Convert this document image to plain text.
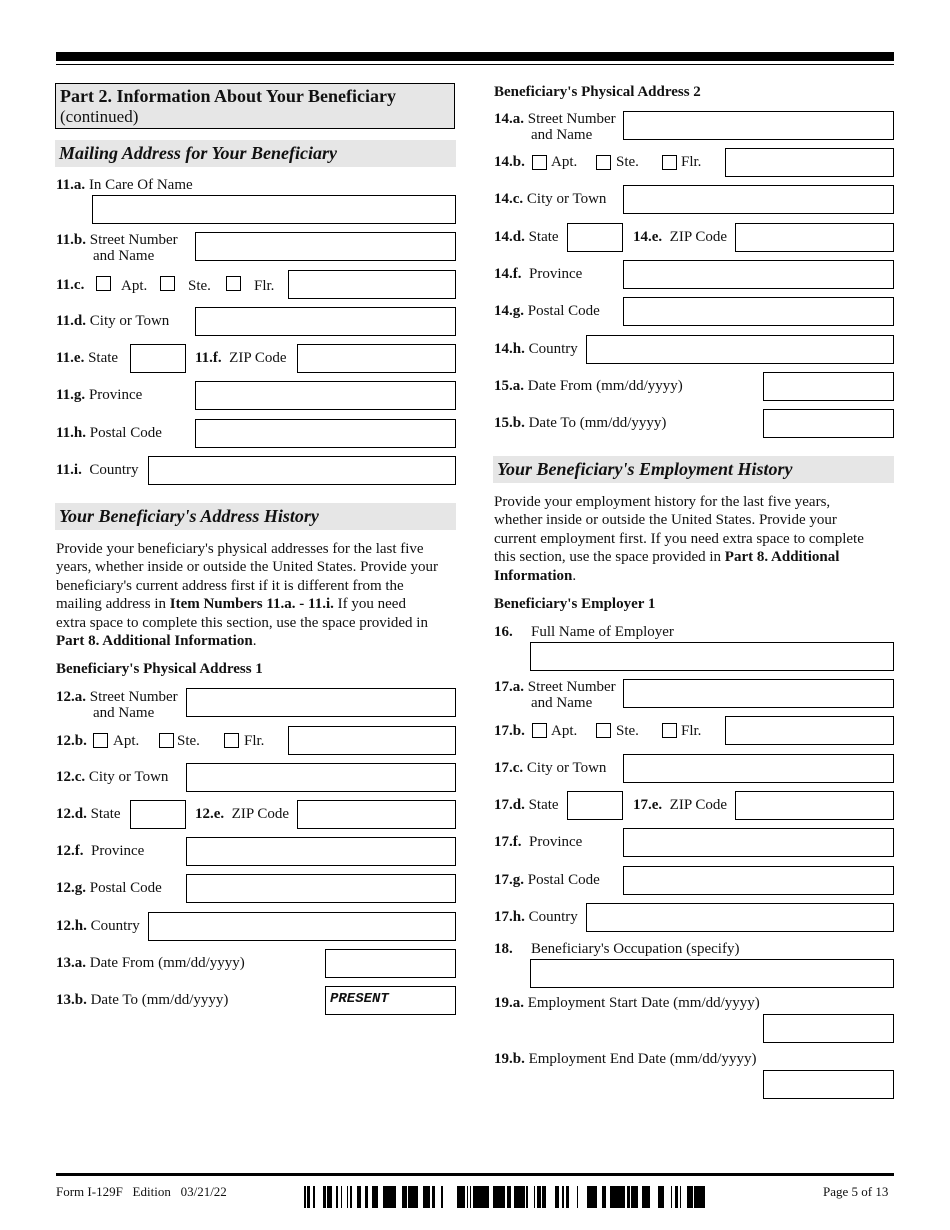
Part 2. Information About Your Beneficiary
(continued)
Mailing Address for Your Beneficiary
11.a. In Care Of Name
11.b. Street Number
and Name
11.c. Apt.	Ste.	Flr.
11.d. City or Town
11.e. State	11.f. ZIP Code
11.g. Province
11.h. Postal Code
11.i. Country
Your Beneficiary's Address History
Provide your beneficiary's physical addresses for the last five
years, whether inside or outside the United States. Provide your
beneficiary's current address first if it is different from the
mailing address in Item Numbers 11.a. - 11.i. If you need
extra space to complete this section, use the space provided in
Part 8. Additional Information.
Beneficiary's Physical Address 1
12.a. Street Number
and Name
12.b. Apt.	Ste.	Flr.
12.c. City or Town
12.d. State	12.e. ZIP Code
12.f. Province
12.g. Postal Code
12.h. Country
13.a. Date From (mm/dd/yyyy)
13.b. Date To (mm/dd/yyyy)	PRESENT
Beneficiary's Physical Address 2
14.a. Street Number
and Name
14.b. Apt.	Ste.	Flr.
14.c. City or Town
14.d. State	14.e. ZIP Code
14.f. Province
14.g. Postal Code
14.h. Country
15.a. Date From (mm/dd/yyyy)
15.b. Date To (mm/dd/yyyy)
Your Beneficiary's Employment History
Provide your employment history for the last five years,
whether inside or outside the United States. Provide your
current employment first. If you need extra space to complete
this section, use the space provided in Part 8. Additional
Information.
Beneficiary's Employer 1
16. Full Name of Employer
17.a. Street Number
and Name
17.b. Apt.	Ste.	Flr.
17.c. City or Town
17.d. State	17.e. ZIP Code
17.f. Province
17.g. Postal Code
17.h. Country
18. Beneficiary's Occupation (specify)
19.a. Employment Start Date (mm/dd/yyyy)
19.b. Employment End Date (mm/dd/yyyy)
Form I-129F   Edition   03/21/22	Page 5 of 13
